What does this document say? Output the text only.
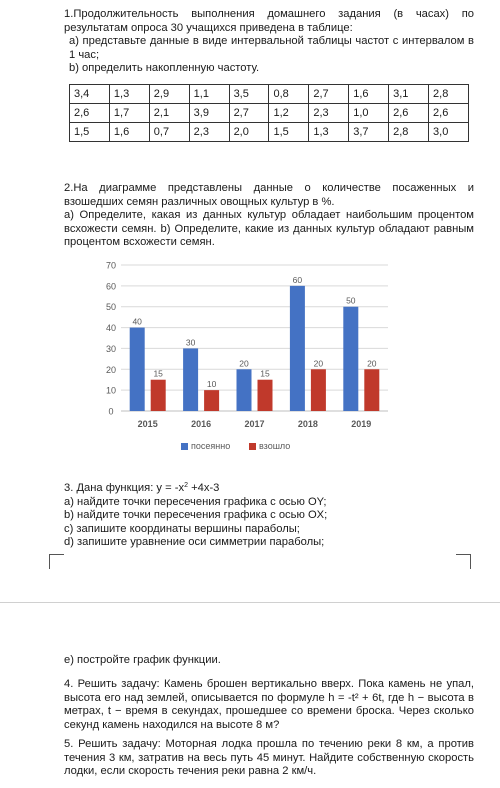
1.Продолжительность выполнения домашнего задания (в часах) по результатам опроса 30 учащихся приведена в таблице:
a) представьте данные в виде интервальной таблицы частот с интервалом в 1 час;
b) определить накопленную частоту.
3,4	1,3	2,9	1,1	3,5	0,8	2,7	1,6	3,1	2,8
2,6	1,7	2,1	3,9	2,7	1,2	2,3	1,0	2,6	2,6
1,5	1,6	0,7	2,3	2,0	1,5	1,3	3,7	2,8	3,0
2.На диаграмме представлены данные о количестве посаженных и взошедших семян различных овощных культур в %.
a) Определите, какая из данных культур обладает наибольшим процентом всхожести семян. b) Определите, какие из данных культур обладают равным процентом всхожести семян.
0
10
20
30
40
50
60
70
40
15
2015
30
10
2016
20
15
2017
60
20
2018
50
20
2019
посеянно	взошло
3. Дана функция: $y = -x^2 +4x-3$
a) найдите точки пересечения графика с осью OY;
b) найдите точки пересечения графика с осью OX;
c) запишите координаты вершины параболы;
d) запишите уравнение оси симметрии параболы;
e) постройте график функции.
4. Решить задачу: Камень брошен вертикально вверх. Пока камень не упал, высота его над землей, описывается по формуле h = -t² + 6t, где h − высота в метрах, t − время в секундах, прошедшее со времени броска. Через сколько секунд камень находился на высоте 8 м?
5. Решить задачу: Моторная лодка прошла по течению реки 8 км, а против течения 3 км, затратив на весь путь 45 минут. Найдите собственную скорость лодки, если скорость течения реки равна 2 км/ч.
